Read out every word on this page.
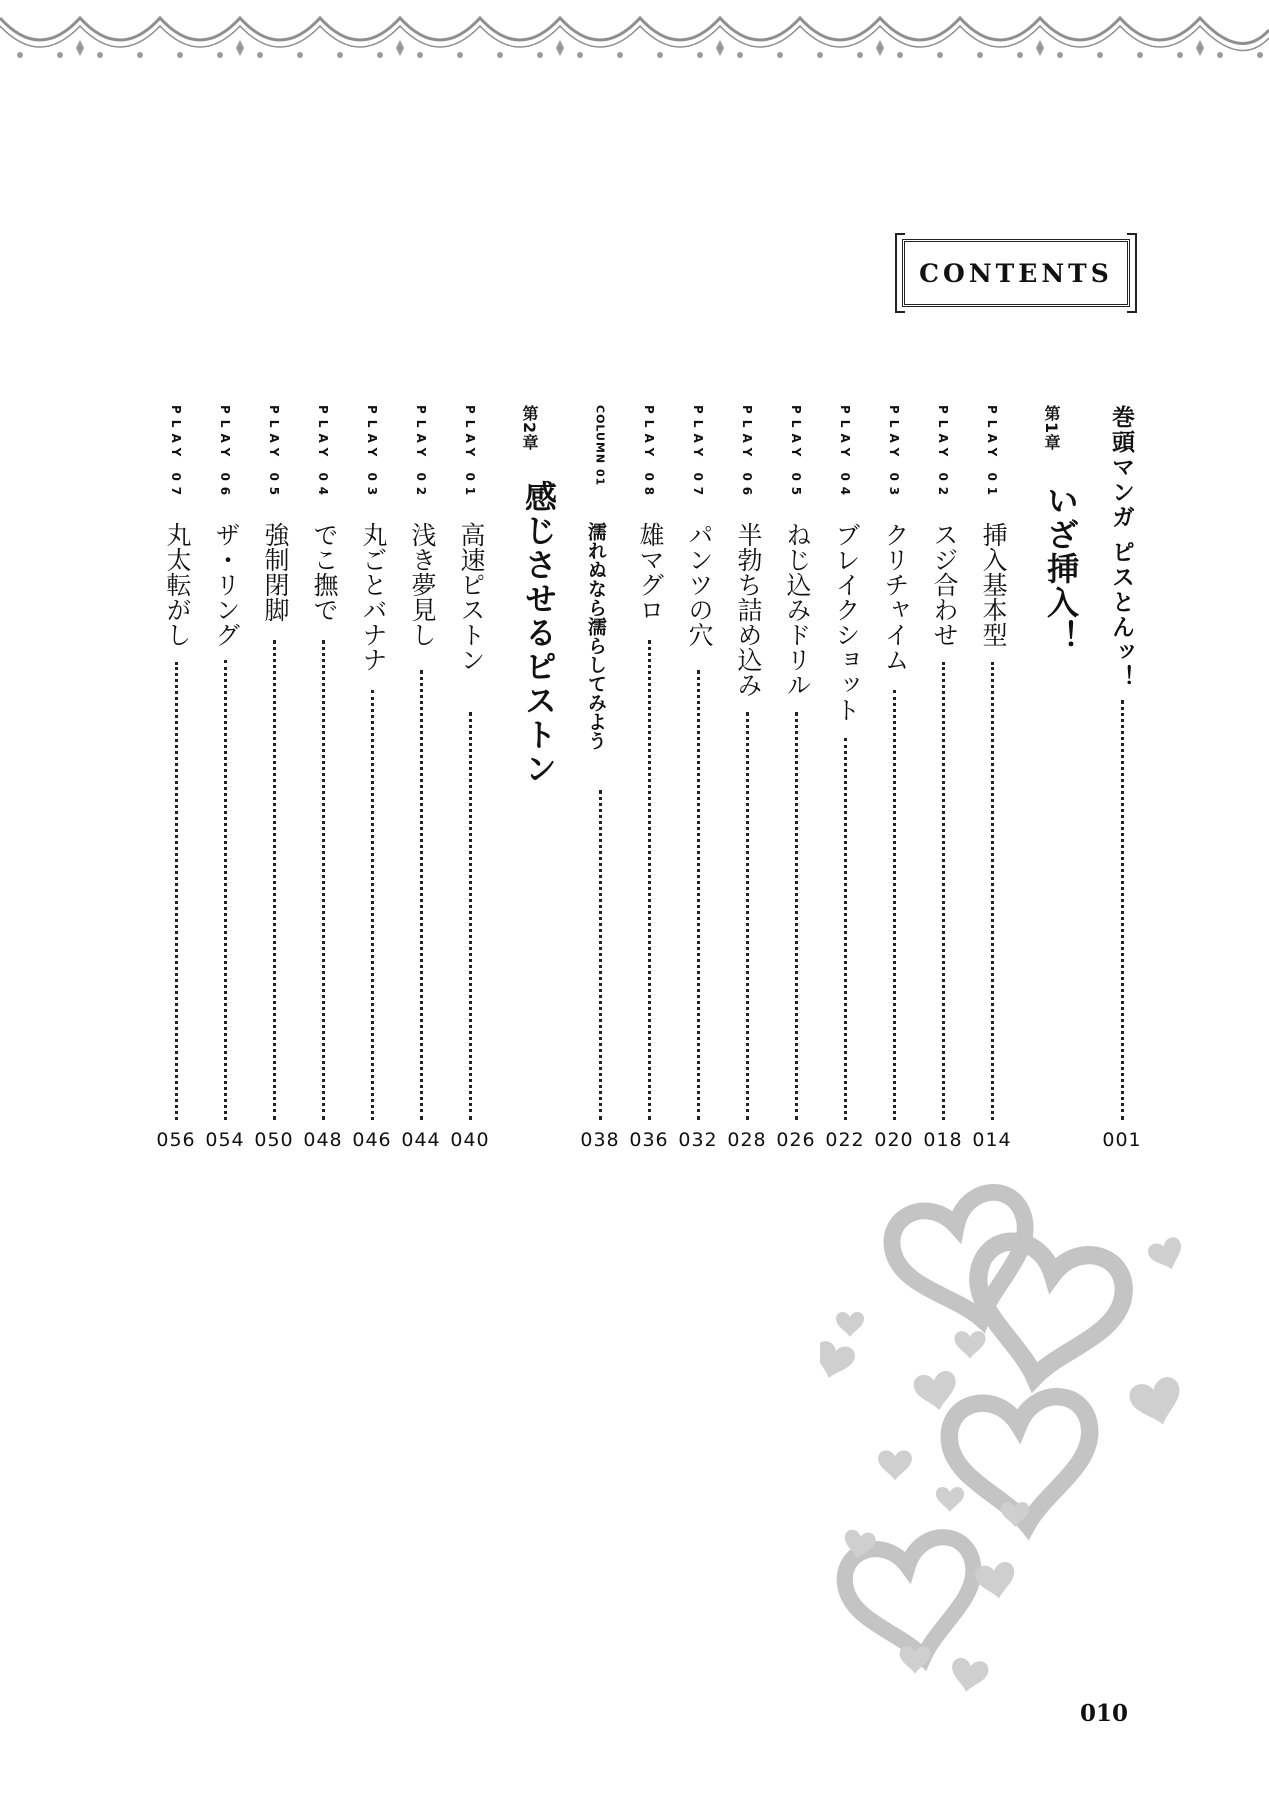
CONTENTS
巻頭マンガ ピスとんッ！
001
第1章
いざ挿入！
PLAY 01
挿入基本型
014
PLAY 02
スジ合わせ
018
PLAY 03
クリチャイム
020
PLAY 04
ブレイクショット
022
PLAY 05
ねじ込みドリル
026
PLAY 06
半勃ち詰め込み
028
PLAY 07
パンツの穴
032
PLAY 08
雄マグロ
036
COLUMN 01
濡れぬなら濡らしてみよう
038
第2章
感じさせるピストン
PLAY 01
高速ピストン
040
PLAY 02
浅き夢見し
044
PLAY 03
丸ごとバナナ
046
PLAY 04
でこ撫で
048
PLAY 05
強制閉脚
050
PLAY 06
ザ・リング
054
PLAY 07
丸太転がし
056
010
